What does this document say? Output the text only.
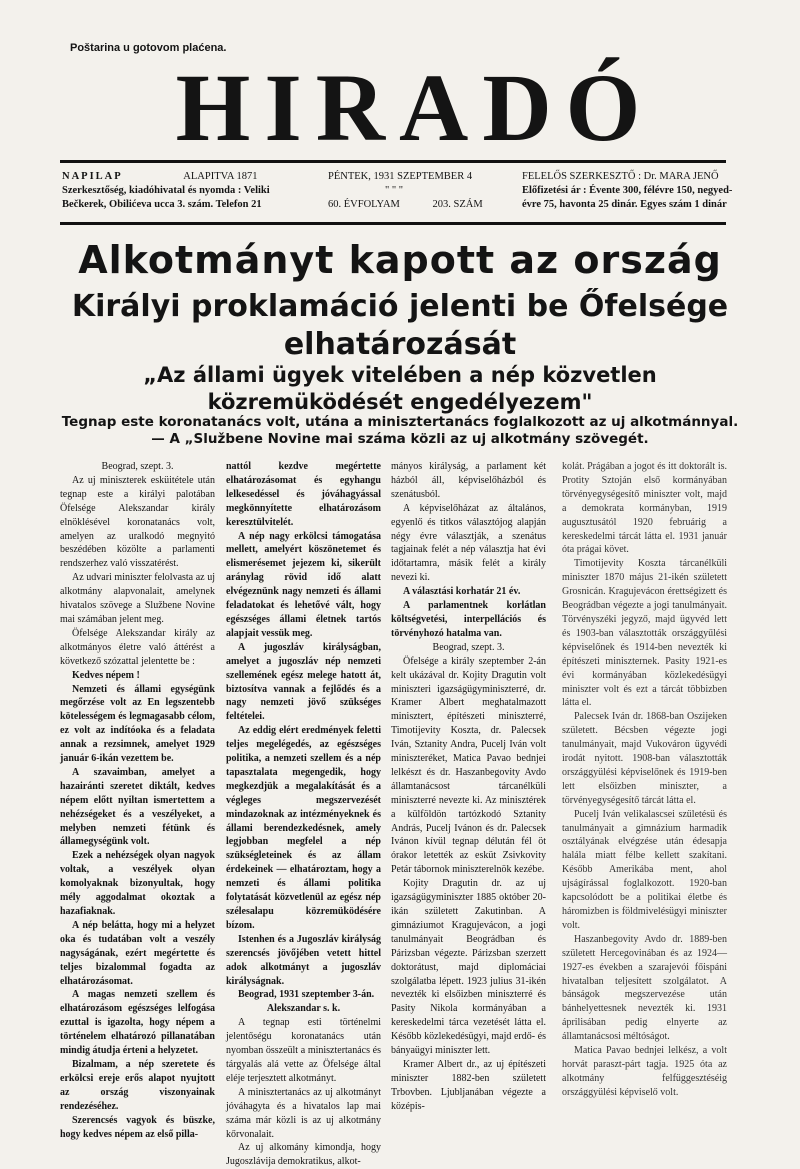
Poštarina u gotovom plaćena.
HIRADÓ
NAPILAP	ALAPITVA 1871
Szerkesztőség, kiadóhivatal és nyomda : Veliki
Bečkerek, Obilićeva ucca 3. szám. Telefon 21
PÉNTEK, 1931 SZEPTEMBER 4

" " "
60. ÉVFOLYAM	203. SZÁM
FELELŐS SZERKESZTŐ : Dr. MARA JENŐ
Előfizetési ár : Évente 300, félévre 150, negyed-
évre 75, havonta 25 dinár. Egyes szám 1 dinár
Alkotmányt kapott az ország
Királyi proklamáció jelenti be Őfelsége elhatározását
„Az állami ügyek vitelében a nép közvetlen közremüködését engedélyezem"
Tegnap este koronatanács volt, utána a minisztertanács foglalkozott az uj alkotmánnyal. — A „Službene Novine mai száma közli az uj alkotmány szövegét.

Beograd, szept. 3.

Az uj miniszterek esküitétele után tegnap este a királyi palotában Öfelsége Alekszandar király elnöklésével koronatanács volt, amelyen az uralkodó megnyitó beszédében közölte a parlamenti rendszerhez való visszatérést.

Az udvari miniszter felolvasta az uj alkotmány alapvonalait, amelynek hivatalos szövege a Službene Novine mai számában jelent meg.

Öfelsége Alekszandar király az alkotmányos életre való áttérést a következő szózattal jelentette be :

Kedves népem !

Nemzeti és állami egységünk megőrzése volt az En legszentebb kötelességem és legmagasabb célom, ez volt az indítóoka és a feladata annak a rezsimnek, amelyet 1929 január 6-ikán vezettem be.

A szavaimban, amelyet a hazairánti szeretet diktált, kedves népem előtt nyiltan ismertettem a nehézségeket és a veszélyeket, a melyben nemzeti fétünk és államegységünk volt.

Ezek a nehézségek olyan nagyok voltak, a veszélyek olyan komolyaknak bizonyultak, hogy mély aggodalmat okoztak a hazafiaknak.

A nép belátta, hogy mi a helyzet oka és tudatában volt a veszély nagyságának, ezért megértette és teljes bizalommal fogadta az elhatározásomat.

A magas nemzeti szellem és elhatározásom egészséges lelfogása ezuttal is igazolta, hogy népem a történelem elhatározó pillanatában mindig átudja érteni a helyzetet.

Bizalmam, a nép szeretete és erkölcsi ereje erős alapot nyujtott az ország viszonyainak rendezéséhez.

Szerencsés vagyok és büszke, hogy kedves népem az első pilla-

nattól kezdve megértette elhatározásomat és egyhangu lelkesedéssel és jóváhagyással megkönnyítette elhatározásom keresztülvitelét.

A nép nagy erkölcsi támogatása mellett, amelyért köszönetemet és elismerésemet jejezem ki, sikerült aránylag rövid idő alatt elvégeznünk nagy nemzeti és állami feladatokat és lehetővé vált, hogy egészséges állami életnek tartós alapjait vessük meg.

A jugoszláv királyságban, amelyet a jugoszláv nép nemzeti szellemének egész melege hatott át, biztosítva vannak a fejlődés és a nagy nemzeti jövő szükséges feltételei.

Az eddig elért eredmények feletti teljes megelégedés, az egészséges politika, a nemzeti szellem és a nép tapasztalata megengedik, hogy megkezdjük a megalakítását és a végleges megszervezését mindazoknak az intézményeknek és állami berendezkedésnek, amely legjobban megfelel a nép szükségleteinek és az állam érdekeinek — elhatároztam, hogy a nemzeti és állami politika folytatását közvetlenül az egész nép szélesalapu közremüködésére bízom.

Istenhen és a Jugoszláv királyság szerencsés jövőjében vetett hittel adok alkotmányt a jugoszláv királyságnak.

Beograd, 1931 szeptember 3-án.

Alekszandar s. k.

A tegnap esti történelmi jelentőségu koronatanács után nyomban összeült a minisztertanács és tárgyalás alá vette az Öfelsége által eléje terjesztett alkotmányt.

A minisztertanács az uj alkotmányt jóváhagyta és a hivatalos lap mai száma már közli is az uj alkotmány kőrvonalait.

Az uj alkomány kimondja, hogy Jugoszlávija demokratikus, alkot-

mányos királyság, a parlament két házból áll, képviselőházból és szenátusból.

A képviselőházat az általános, egyenlő és titkos választójog alapján négy évre választják, a szenátus tagjainak felét a nép választja hat évi időtartamra, másik felét a király nevezi ki.

A választási korhatár 21 év.

A parlamentnek korlátlan költségvetési, interpellációs és törvényhozó hatalma van.

Beograd, szept. 3.

Öfelsége a király szeptember 2-án kelt ukázával dr. Kojity Dragutin volt miniszteri igazságügyminiszterré, dr. Kramer Albert meghatalmazott minisztert, építészeti miniszterré, Timotijevity Koszta, dr. Palecsek Iván, Sztanity Andra, Pucelj Iván volt miniszteréket, Matica Pavao bednjei lelkészt és dr. Haszanbegovity Avdo államtanácsost tárcanélküli miniszterré nevezte ki. Az minisztérek a külföldön tartózkodó Sztanity András, Pucelj Ivánon és dr. Palecsek Ivánon kívül tegnap délután fél öt órakor letették az esküt Zsivkovity Petár tábornok miniszterelnök kezébe.

Kojity Dragutin dr. az uj igazságügyminiszter 1885 október 20-ikán született Zakutinban. A gimnáziumot Kraguјеvácon, a jogi tanulmányait Beográdban és Párizsban végezte. Párizsban szerzett doktorátust, majd diplomáciai szolgálatba lépett. 1923 julius 31-ikén nevezték ki elsőizben miniszterré és Pasity Nikola kormányában a kereskedelmi tárca vezetését látta el. Később közlekedésügyi, majd erdő- és bányaügyi miniszter lett.

Kramer Albert dr., az uj építészeti miniszter 1882-ben született Trbovben. Ljubljanában végezte a középis-

kolát. Prágában a jogot és itt doktorált is. Protity Sztoján első kormányában törvényegységesítő miniszter volt, majd a demokrata kormányban, 1919 augusztusától 1920 februárig a kereskedelmi tárcát látta el. 1931 január óta prágai követ.

Timotijevity Koszta tárcanélküli miniszter 1870 május 21-ikén született Grosnicán. Kragujevácon érettségizett és Beográdban végezte a jogi tanulmányait. Törvényszéki jegyző, majd ügyvéd lett és 1903-ban választották országgyűlési képviselőnek és 1914-ben nevezték ki építészeti miniszternek. Pasity 1921-es évi kormányában közlekedésügyi miniszter volt és ezt a tárcát többizben látta el.

Palecsek Iván dr. 1868-ban Oszijeken született. Bécsben végezte jogi tanulmányait, majd Vukováron ügyvédi irodát nyitott. 1908-ban választották országgyülési képviselőnek és 1919-ben lett elsőizben miniszter, a törvényegységesítő tárcát látta el.

Pucelj Iván velikalascsei születésü és tanulmányait a gimnázium harmadik osztályának elvégzése után édesapja halála miatt félbe kellett szakítani. Később Amerikába ment, ahol ujságírással foglalkozott. 1920-ban kapcsolódott be a politikai életbe és háromizben is földmivelésügyi miniszter volt.

Haszanbegovity Avdo dr. 1889-ben született Hercegovinában és az 1924—1927-es években a szarajevói főispáni hivatalban teljesített szolgálatot. A bánságok megszervezése után bánhelyettesnek nevezték ki. 1931 áprilisában pedig elnyerte az államtanácsosi méltóságot.

Matica Pavao bednjei lelkész, a volt horvát paraszt-párt tagja. 1925 óta az alkotmány felfüggesztéséig országgyülési képviselő volt.
